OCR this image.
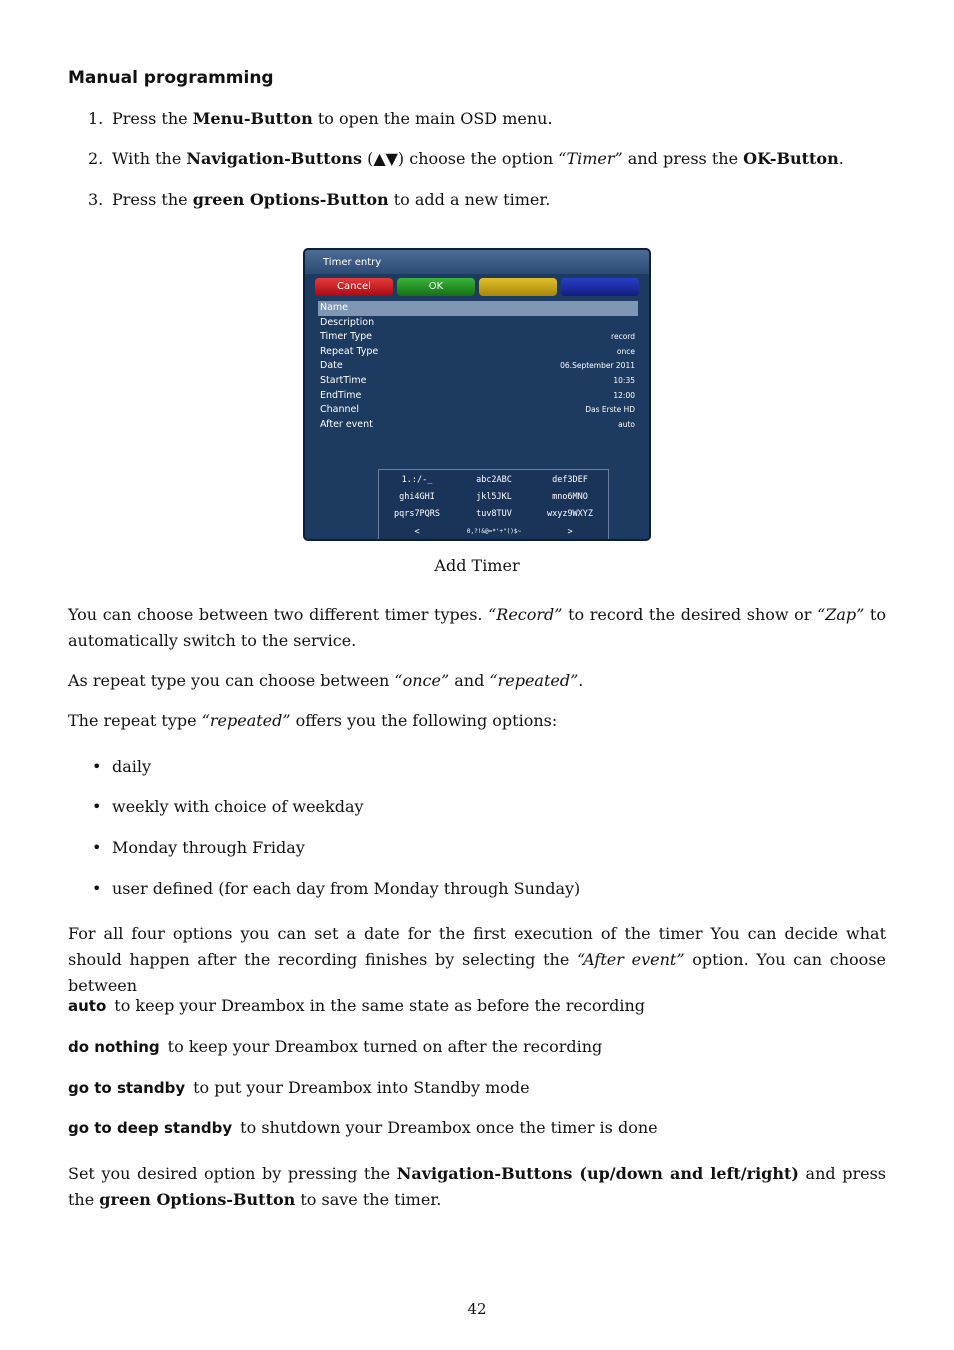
Manual programming
1. Press the Menu-Button to open the main OSD menu.
2. With the Navigation-Buttons (▲▼) choose the option “Timer” and press the OK-Button.
3. Press the green Options-Button to add a new timer.
Timer entry
Cancel	OK
Name
Description
Timer Type	record
Repeat Type	once
Date	06.September 2011
StartTime	10:35
EndTime	12:00
Channel	Das Erste HD
After event	auto
1.:/-_	abc2ABC	def3DEF
ghi4GHI	jkl5JKL	mno6MNO
pqrs7PQRS	tuv8TUV	wxyz9WXYZ
<	0,?!&@=*'+"()$~	>
Add Timer
You can choose between two different timer types. “Record” to record the desired show or “Zap” to automatically switch to the service.
As repeat type you can choose between “once” and “repeated”.
The repeat type “repeated” offers you the following options:
• daily
• weekly with choice of weekday
• Monday through Friday
• user defined (for each day from Monday through Sunday)
For all four options you can set a date for the first execution of the timer You can decide what should happen after the recording finishes by selecting the “After event” option. You can choose between
auto to keep your Dreambox in the same state as before the recording
do nothing to keep your Dreambox turned on after the recording
go to standby to put your Dreambox into Standby mode
go to deep standby to shutdown your Dreambox once the timer is done
Set you desired option by pressing the Navigation-Buttons (up/down and left/right) and press the green Options-Button to save the timer.
42
